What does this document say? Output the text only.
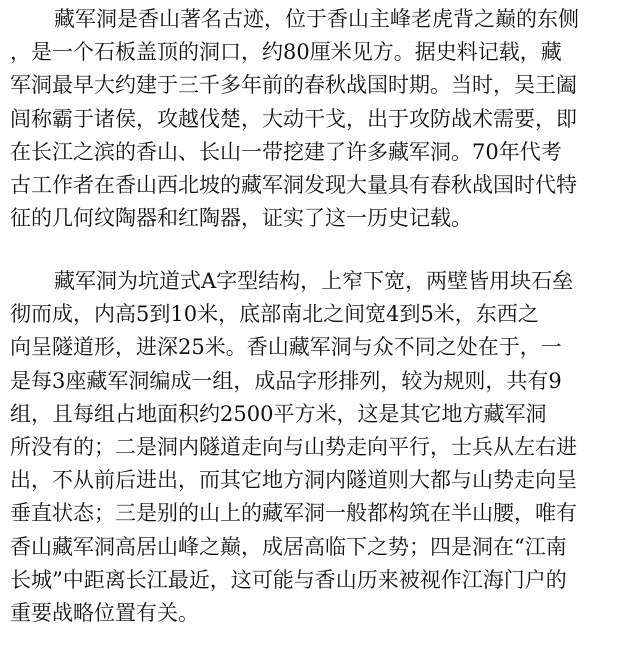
藏军洞是香山著名古迹，位于香山主峰老虎背之巅的东侧
，是一个石板盖顶的洞口，约80厘米见方。据史料记载，藏
军洞最早大约建于三千多年前的春秋战国时期。当时，吴王阖
闾称霸于诸侯，攻越伐楚，大动干戈，出于攻防战术需要，即
在长江之滨的香山、长山一带挖建了许多藏军洞。70年代考
古工作者在香山西北坡的藏军洞发现大量具有春秋战国时代特
征的几何纹陶器和红陶器，证实了这一历史记载。
藏军洞为坑道式A字型结构，上窄下宽，两壁皆用块石垒
彻而成，内高5到10米，底部南北之间宽4到5米，东西之
向呈隧道形，进深25米。香山藏军洞与众不同之处在于，一
是每3座藏军洞编成一组，成品字形排列，较为规则，共有9
组，且每组占地面积约2500平方米，这是其它地方藏军洞
所没有的；二是洞内隧道走向与山势走向平行，士兵从左右进
出，不从前后进出，而其它地方洞内隧道则大都与山势走向呈
垂直状态；三是别的山上的藏军洞一般都构筑在半山腰，唯有
香山藏军洞高居山峰之巅，成居高临下之势；四是洞在“江南
长城”中距离长江最近，这可能与香山历来被视作江海门户的
重要战略位置有关。
